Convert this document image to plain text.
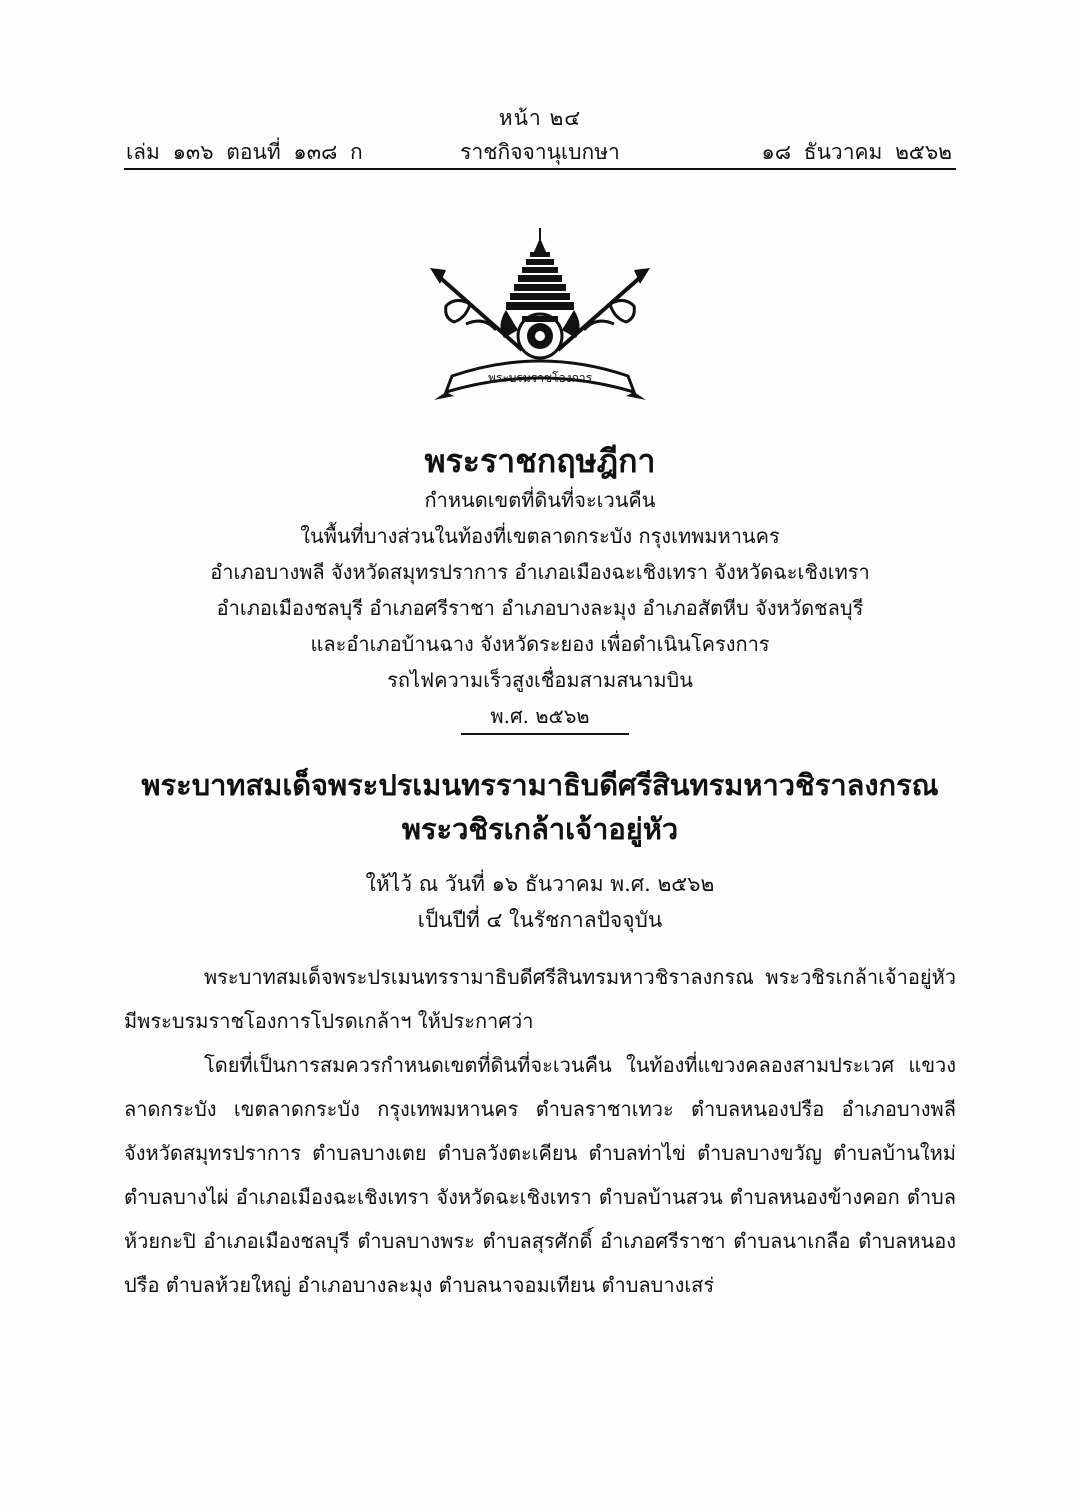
หน้า ๒๔
เล่ม ๑๓๖ ตอนที่ ๑๓๘ ก	ราชกิจจานุเบกษา	๑๘ ธันวาคม ๒๕๖๒
พระบรมราชโองการ
พระราชกฤษฎีกา
กำหนดเขตที่ดินที่จะเวนคืน
ในพื้นที่บางส่วนในท้องที่เขตลาดกระบัง กรุงเทพมหานคร
อำเภอบางพลี จังหวัดสมุทรปราการ อำเภอเมืองฉะเชิงเทรา จังหวัดฉะเชิงเทรา
อำเภอเมืองชลบุรี อำเภอศรีราชา อำเภอบางละมุง อำเภอสัตหีบ จังหวัดชลบุรี
และอำเภอบ้านฉาง จังหวัดระยอง เพื่อดำเนินโครงการ
รถไฟความเร็วสูงเชื่อมสามสนามบิน
พ.ศ. ๒๕๖๒
พระบาทสมเด็จพระปรเมนทรรามาธิบดีศรีสินทรมหาวชิราลงกรณ
พระวชิรเกล้าเจ้าอยู่หัว
ให้ไว้ ณ วันที่ ๑๖ ธันวาคม พ.ศ. ๒๕๖๒
เป็นปีที่ ๔ ในรัชกาลปัจจุบัน

พระบาทสมเด็จพระปรเมนทรรามาธิบดีศรีสินทรมหาวชิราลงกรณ พระวชิรเกล้าเจ้าอยู่หัว มีพระบรมราชโองการโปรดเกล้าฯ ให้ประกาศว่า

โดยที่เป็นการสมควรกำหนดเขตที่ดินที่จะเวนคืน ในท้องที่แขวงคลองสามประเวศ แขวงลาดกระบัง เขตลาดกระบัง กรุงเทพมหานคร ตำบลราชาเทวะ ตำบลหนองปรือ อำเภอบางพลี จังหวัดสมุทรปราการ ตำบลบางเตย ตำบลวังตะเคียน ตำบลท่าไข่ ตำบลบางขวัญ ตำบลบ้านใหม่ ตำบลบางไผ่ อำเภอเมืองฉะเชิงเทรา จังหวัดฉะเชิงเทรา ตำบลบ้านสวน ตำบลหนองข้างคอก ตำบลห้วยกะปิ อำเภอเมืองชลบุรี ตำบลบางพระ ตำบลสุรศักดิ์ อำเภอศรีราชา ตำบลนาเกลือ ตำบลหนองปรือ ตำบลห้วยใหญ่ อำเภอบางละมุง ตำบลนาจอมเทียน ตำบลบางเสร่
